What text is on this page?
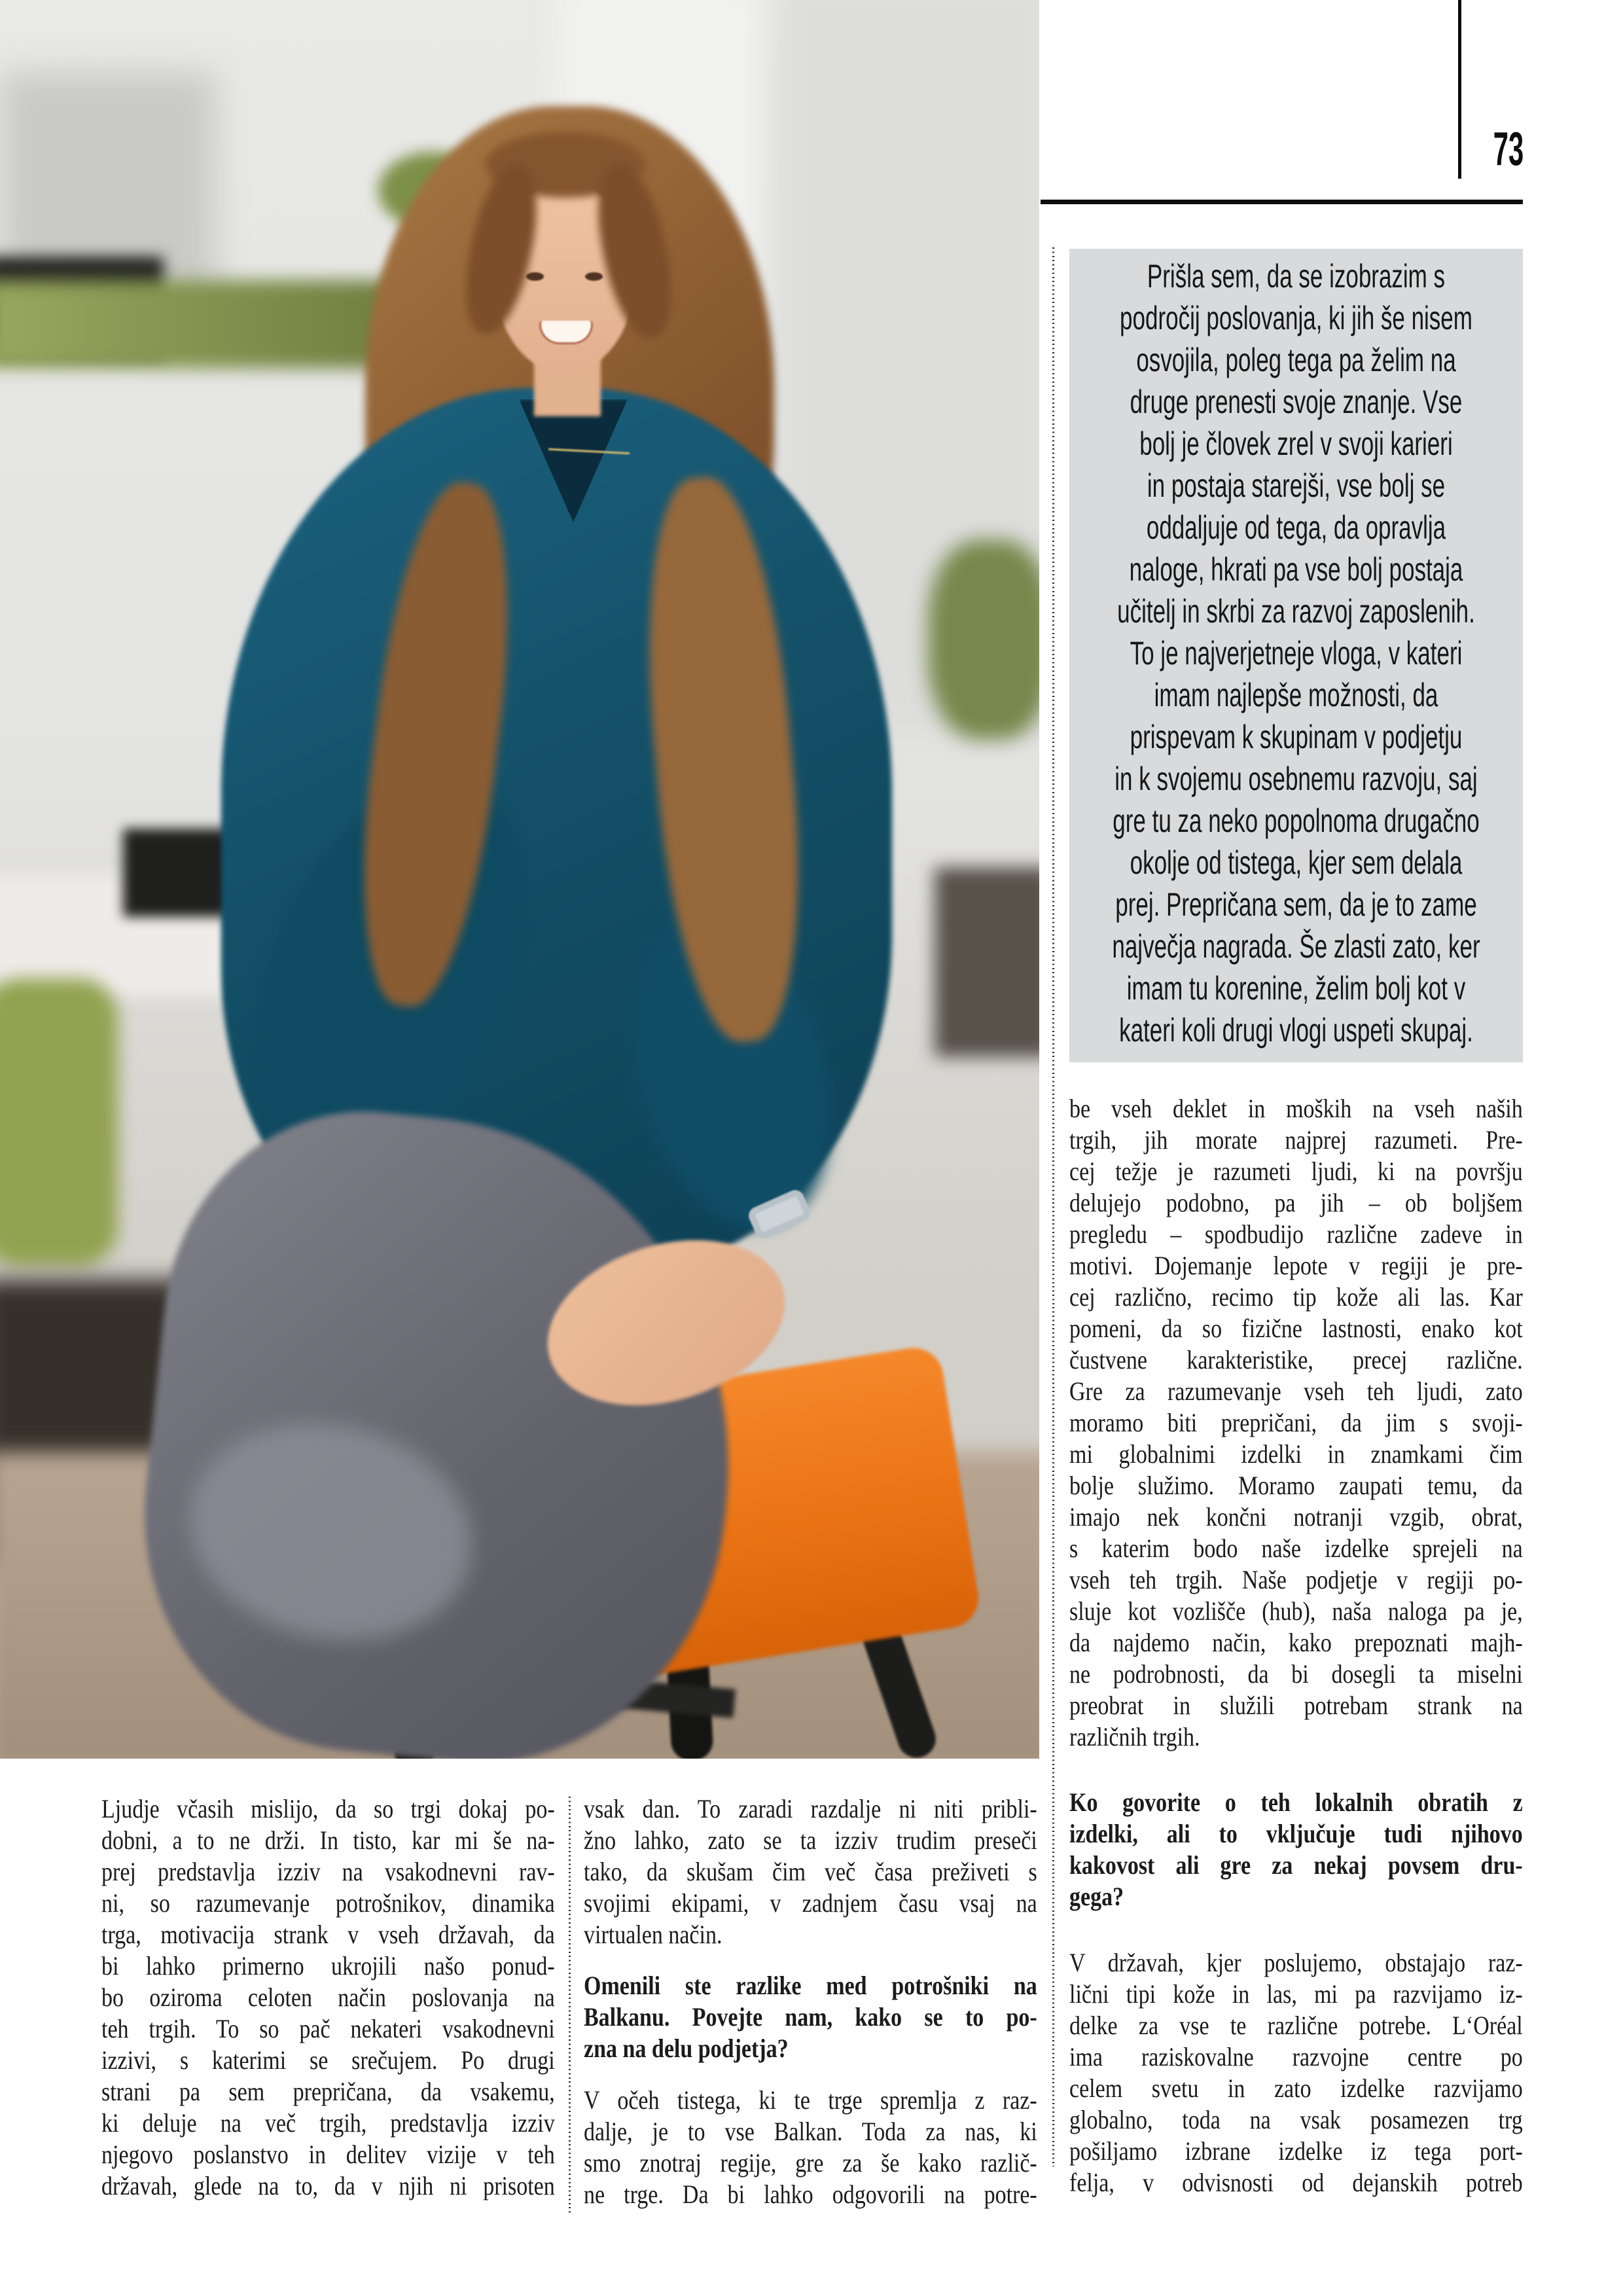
73
Prišla sem, da se izobrazim s
področij poslovanja, ki jih še nisem
osvojila, poleg tega pa želim na
druge prenesti svoje znanje. Vse
bolj je človek zrel v svoji karieri
in postaja starejši, vse bolj se
oddaljuje od tega, da opravlja
naloge, hkrati pa vse bolj postaja
učitelj in skrbi za razvoj zaposlenih.
To je najverjetneje vloga, v kateri
imam najlepše možnosti, da
prispevam k skupinam v podjetju
in k svojemu osebnemu razvoju, saj
gre tu za neko popolnoma drugačno
okolje od tistega, kjer sem delala
prej. Prepričana sem, da je to zame
največja nagrada. Še zlasti zato, ker
imam tu korenine, želim bolj kot v
kateri koli drugi vlogi uspeti skupaj.
Ljudje včasih mislijo, da so trgi dokaj po-
dobni, a to ne drži. In tisto, kar mi še na-
prej predstavlja izziv na vsakodnevni rav-
ni, so razumevanje potrošnikov, dinamika
trga, motivacija strank v vseh državah, da
bi lahko primerno ukrojili našo ponud-
bo oziroma celoten način poslovanja na
teh trgih. To so pač nekateri vsakodnevni
izzivi, s katerimi se srečujem. Po drugi
strani pa sem prepričana, da vsakemu,
ki deluje na več trgih, predstavlja izziv
njegovo poslanstvo in delitev vizije v teh
državah, glede na to, da v njih ni prisoten
vsak dan. To zaradi razdalje ni niti pribli-
žno lahko, zato se ta izziv trudim preseči
tako, da skušam čim več časa preživeti s
svojimi ekipami, v zadnjem času vsaj na
virtualen način.
Omenili ste razlike med potrošniki na
Balkanu. Povejte nam, kako se to po-
zna na delu podjetja?
V očeh tistega, ki te trge spremlja z raz-
dalje, je to vse Balkan. Toda za nas, ki
smo znotraj regije, gre za še kako različ-
ne trge. Da bi lahko odgovorili na potre-
be vseh deklet in moških na vseh naših
trgih, jih morate najprej razumeti. Pre-
cej težje je razumeti ljudi, ki na površju
delujejo podobno, pa jih – ob boljšem
pregledu – spodbudijo različne zadeve in
motivi. Dojemanje lepote v regiji je pre-
cej različno, recimo tip kože ali las. Kar
pomeni, da so fizične lastnosti, enako kot
čustvene karakteristike, precej različne.
Gre za razumevanje vseh teh ljudi, zato
moramo biti prepričani, da jim s svoji-
mi globalnimi izdelki in znamkami čim
bolje služimo. Moramo zaupati temu, da
imajo nek končni notranji vzgib, obrat,
s katerim bodo naše izdelke sprejeli na
vseh teh trgih. Naše podjetje v regiji po-
sluje kot vozlišče (hub), naša naloga pa je,
da najdemo način, kako prepoznati majh-
ne podrobnosti, da bi dosegli ta miselni
preobrat in služili potrebam strank na
različnih trgih.
Ko govorite o teh lokalnih obratih z
izdelki, ali to vključuje tudi njihovo
kakovost ali gre za nekaj povsem dru-
gega?
V državah, kjer poslujemo, obstajajo raz-
lični tipi kože in las, mi pa razvijamo iz-
delke za vse te različne potrebe. L‘Oréal
ima raziskovalne razvojne centre po
celem svetu in zato izdelke razvijamo
globalno, toda na vsak posamezen trg
pošiljamo izbrane izdelke iz tega port-
felja, v odvisnosti od dejanskih potreb
